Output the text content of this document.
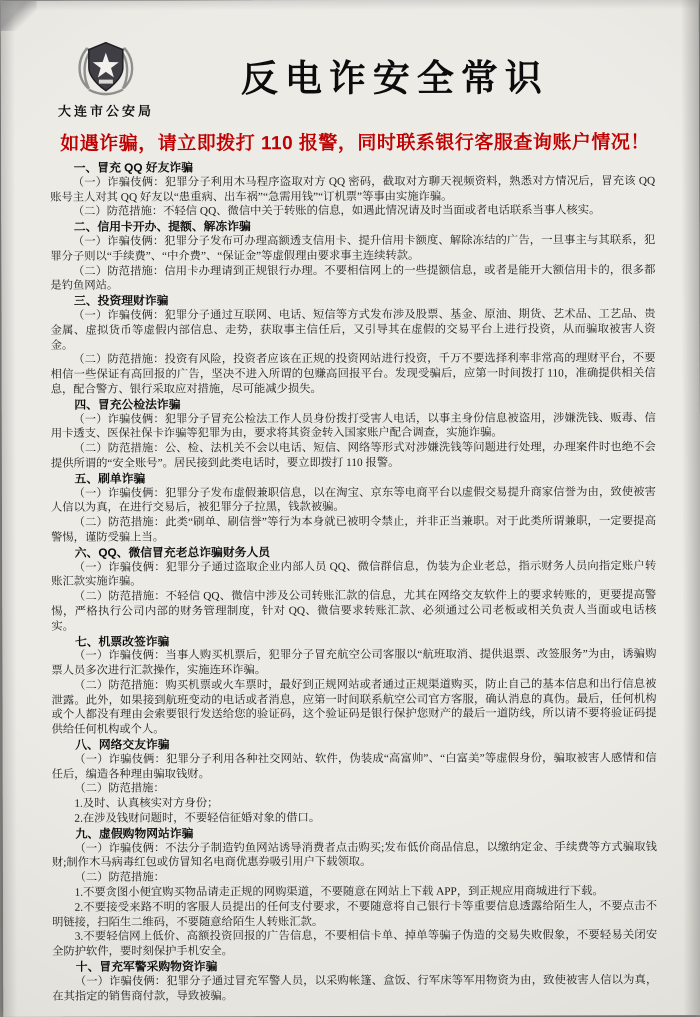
大连市公安局
反电诈安全常识
如遇诈骗，请立即拨打 110 报警，同时联系银行客服查询账户情况！
一、冒充 QQ 好友诈骗

（一）诈骗伎俩：犯罪分子利用木马程序盗取对方 QQ 密码，截取对方聊天视频资料，熟悉对方情况后，冒充该 QQ 账号主人对其 QQ 好友以“患重病、出车祸”“急需用钱”“订机票”等事由实施诈骗。

（二）防范措施：不轻信 QQ、微信中关于转账的信息，如遇此情况请及时当面或者电话联系当事人核实。

二、信用卡开办、提额、解冻诈骗

（一）诈骗伎俩：犯罪分子发布可办理高额透支信用卡、提升信用卡额度、解除冻结的广告，一旦事主与其联系，犯罪分子则以“手续费”、“中介费”、“保证金”等虚假理由要求事主连续转款。

（二）防范措施：信用卡办理请到正规银行办理。不要相信网上的一些提额信息，或者是能开大额信用卡的，很多都是钓鱼网站。

三、投资理财诈骗

（一）诈骗伎俩：犯罪分子通过互联网、电话、短信等方式发布涉及股票、基金、原油、期货、艺术品、工艺品、贵金属、虚拟货币等虚假内部信息、走势，获取事主信任后，又引导其在虚假的交易平台上进行投资，从而骗取被害人资金。

（二）防范措施：投资有风险，投资者应该在正规的投资网站进行投资，千万不要选择利率非常高的理财平台，不要相信一些保证有高回报的广告，坚决不进入所谓的包赚高回报平台。发现受骗后，应第一时间拨打 110，准确提供相关信息，配合警方、银行采取应对措施，尽可能减少损失。

四、冒充公检法诈骗

（一）诈骗伎俩：犯罪分子冒充公检法工作人员身份拨打受害人电话，以事主身份信息被盗用，涉嫌洗钱、贩毒、信用卡透支、医保社保卡诈骗等犯罪为由，要求将其资金转入国家账户配合调查，实施诈骗。

（二）防范措施：公、检、法机关不会以电话、短信、网络等形式对涉嫌洗钱等问题进行处理，办理案件时也绝不会提供所谓的“安全账号”。居民接到此类电话时，要立即拨打 110 报警。

五、刷单诈骗

（一）诈骗伎俩：犯罪分子发布虚假兼职信息，以在淘宝、京东等电商平台以虚假交易提升商家信誉为由，致使被害人信以为真，在进行交易后，被犯罪分子拉黑，钱款被骗。

（二）防范措施：此类“刷单、刷信誉”等行为本身就已被明令禁止，并非正当兼职。对于此类所谓兼职，一定要提高警惕，谨防受骗上当。

六、QQ、微信冒充老总诈骗财务人员

（一）诈骗伎俩：犯罪分子通过盗取企业内部人员 QQ、微信群信息，伪装为企业老总，指示财务人员向指定账户转账汇款实施诈骗。

（二）防范措施：不轻信 QQ、微信中涉及公司转账汇款的信息，尤其在网络交友软件上的要求转账的，更要提高警惕，严格执行公司内部的财务管理制度，针对 QQ、微信要求转账汇款、必须通过公司老板或相关负责人当面或电话核实。

七、机票改签诈骗

（一）诈骗伎俩：当事人购买机票后，犯罪分子冒充航空公司客服以“航班取消、提供退票、改签服务”为由，诱骗购票人员多次进行汇款操作，实施连环诈骗。

（二）防范措施：购买机票或火车票时，最好到正规网站或者通过正规渠道购买，防止自己的基本信息和出行信息被泄露。此外，如果接到航班变动的电话或者消息，应第一时间联系航空公司官方客服，确认消息的真伪。最后，任何机构或个人都没有理由会索要银行发送给您的验证码，这个验证码是银行保护您财产的最后一道防线，所以请不要将验证码提供给任何机构或个人。

八、网络交友诈骗

（一）诈骗伎俩：犯罪分子利用各种社交网站、软件，伪装成“高富帅”、“白富美”等虚假身份，骗取被害人感情和信任后，编造各种理由骗取钱财。

（二）防范措施：

1.及时、认真核实对方身份；

2.在涉及钱财问题时，不要轻信征婚对象的借口。

九、虚假购物网站诈骗

（一）诈骗伎俩：不法分子制造钓鱼网站诱导消费者点击购买;发布低价商品信息，以缴纳定金、手续费等方式骗取钱财;制作木马病毒红包或仿冒知名电商优惠券吸引用户下载领取。

（二）防范措施：

1.不要贪图小便宜购买物品请走正规的网购渠道，不要随意在网站上下载 APP，到正规应用商城进行下载。

2.不要接受来路不明的客服人员提出的任何支付要求，不要随意将自己银行卡等重要信息透露给陌生人，不要点击不明链接，扫陌生二维码，不要随意给陌生人转账汇款。

3.不要轻信网上低价、高额投资回报的广告信息，不要相信卡单、掉单等骗子伪造的交易失败假象，不要轻易关闭安全防护软件，要时刻保护手机安全。

十、冒充军警采购物资诈骗

（一）诈骗伎俩：犯罪分子通过冒充军警人员，以采购帐篷、盒饭、行军床等军用物资为由，致使被害人信以为真，在其指定的销售商付款，导致被骗。
